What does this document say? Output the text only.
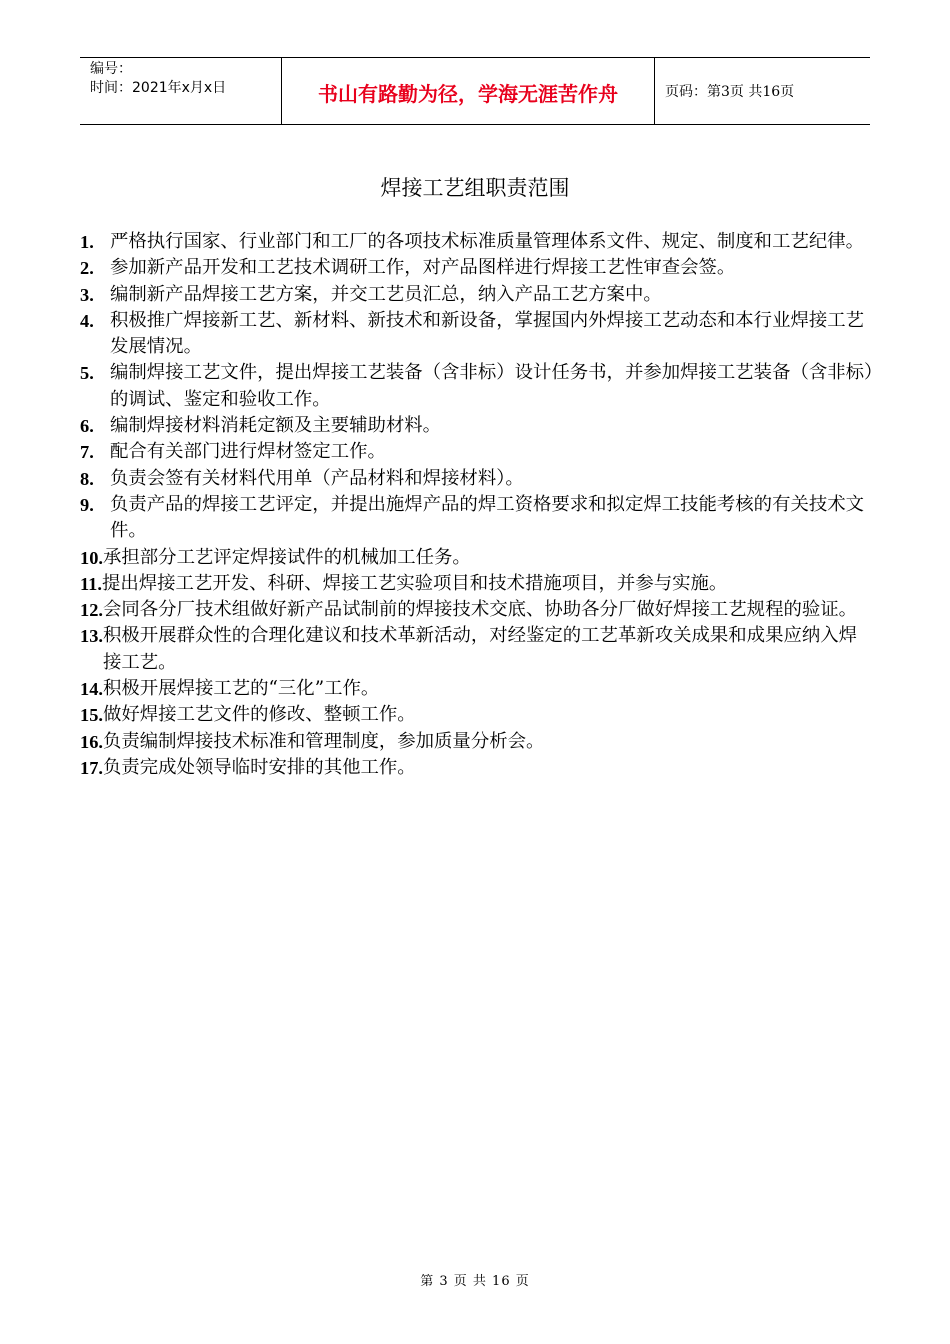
编号：
时间：2021年x月x日	书山有路勤为径，学海无涯苦作舟	页码：第3页 共16页
焊接工艺组职责范围
1. 严格执行国家、行业部门和工厂的各项技术标准质量管理体系文件、规定、制度和工艺纪律。
2. 参加新产品开发和工艺技术调研工作，对产品图样进行焊接工艺性审查会签。
3. 编制新产品焊接工艺方案，并交工艺员汇总，纳入产品工艺方案中。
4. 积极推广焊接新工艺、新材料、新技术和新设备，掌握国内外焊接工艺动态和本行业焊接工艺发展情况。
5. 编制焊接工艺文件，提出焊接工艺装备（含非标）设计任务书，并参加焊接工艺装备（含非标）的调试、鉴定和验收工作。
6. 编制焊接材料消耗定额及主要辅助材料。
7. 配合有关部门进行焊材签定工作。
8. 负责会签有关材料代用单（产品材料和焊接材料）。
9. 负责产品的焊接工艺评定，并提出施焊产品的焊工资格要求和拟定焊工技能考核的有关技术文件。
10. 承担部分工艺评定焊接试件的机械加工任务。
11. 提出焊接工艺开发、科研、焊接工艺实验项目和技术措施项目，并参与实施。
12. 会同各分厂技术组做好新产品试制前的焊接技术交底、协助各分厂做好焊接工艺规程的验证。
13. 积极开展群众性的合理化建议和技术革新活动，对经鉴定的工艺革新攻关成果和成果应纳入焊接工艺。
14. 积极开展焊接工艺的“三化”工作。
15. 做好焊接工艺文件的修改、整顿工作。
16. 负责编制焊接技术标准和管理制度，参加质量分析会。
17. 负责完成处领导临时安排的其他工作。
第 3 页 共 16 页
